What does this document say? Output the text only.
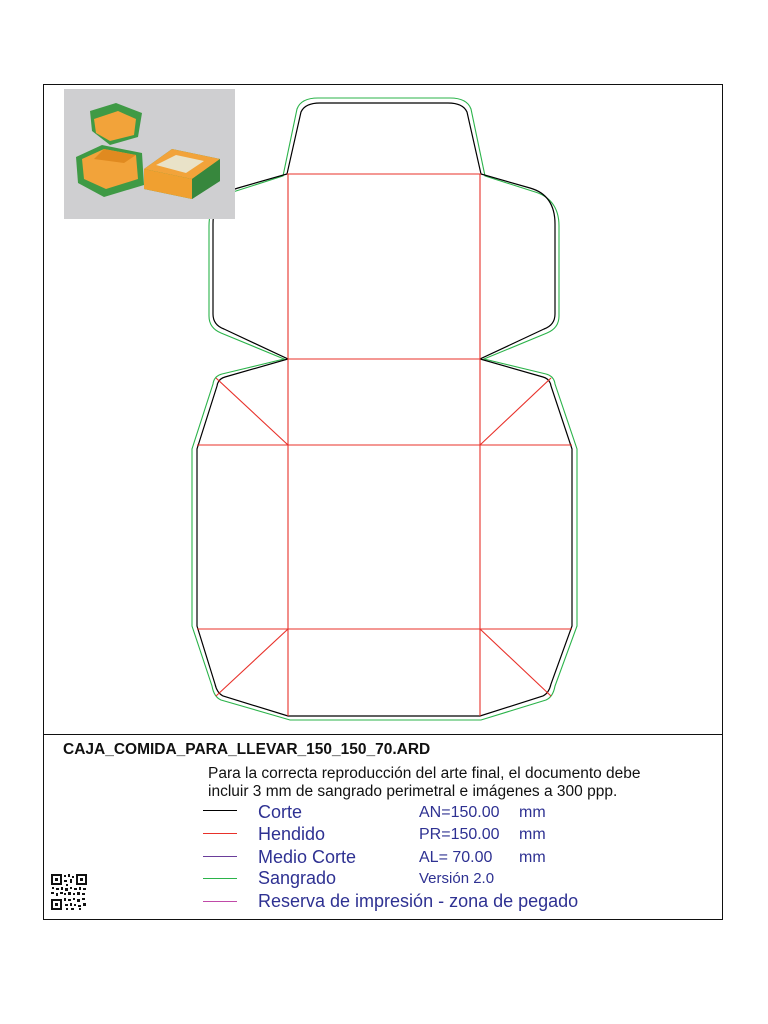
CAJA_COMIDA_PARA_LLEVAR_150_150_70.ARD
Para la correcta reproducción del arte final, el documento debe
incluir 3 mm de sangrado perimetral e imágenes a 300 ppp.
Corte
Hendido
Medio Corte
Sangrado
Reserva de impresión - zona de pegado
AN=150.00 mm
PR=150.00 mm
AL= 70.00 mm
Versión 2.0
